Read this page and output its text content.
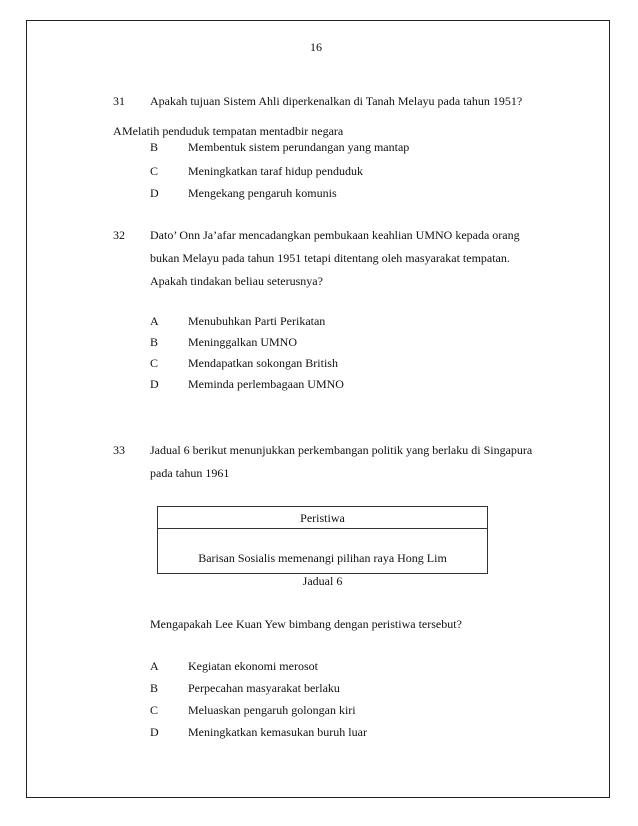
16
31 Apakah tujuan Sistem Ahli diperkenalkan di Tanah Melayu pada tahun 1951?
A Melatih penduduk tempatan mentadbir negara
B Membentuk sistem perundangan yang mantap
C Meningkatkan taraf hidup penduduk
D Mengekang pengaruh komunis
32 Dato’ Onn Ja’afar mencadangkan pembukaan keahlian UMNO kepada orang
bukan Melayu pada tahun 1951 tetapi ditentang oleh masyarakat tempatan.
Apakah tindakan beliau seterusnya?
A Menubuhkan Parti Perikatan
B Meninggalkan UMNO
C Mendapatkan sokongan British
D Meminda perlembagaan UMNO
33 Jadual 6 berikut menunjukkan perkembangan politik yang berlaku di Singapura
pada tahun 1961
Peristiwa
Barisan Sosialis memenangi pilihan raya Hong Lim
Jadual 6
Mengapakah Lee Kuan Yew bimbang dengan peristiwa tersebut?
A Kegiatan ekonomi merosot
B Perpecahan masyarakat berlaku
C Meluaskan pengaruh golongan kiri
D Meningkatkan kemasukan buruh luar
